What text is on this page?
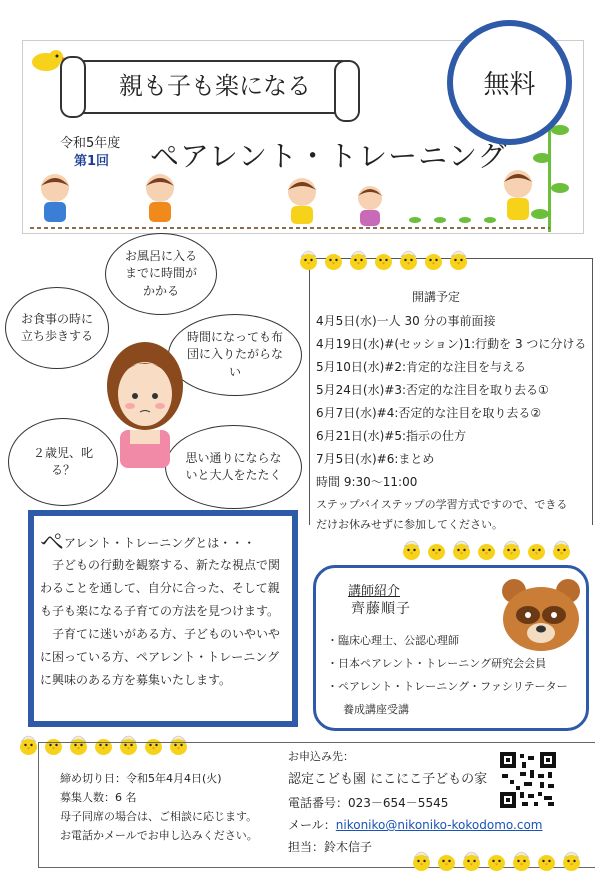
親も子も楽になる
令和5年度
第1回 ペアレント・トレーニング
無料
お風呂に入るまでに時間がかかる
お食事の時に立ち歩きする	時間になっても布団に入りたがらない
２歳児、叱る？
思い通りにならないと大人をたたく
開講予定
4月5日(水)一人 30 分の事前面接
4月19日(水)#(セッション)1:行動を 3 つに分ける
5月10日(水)#2:肯定的な注目を与える
5月24日(水)#3:否定的な注目を取り去る①
6月7日(水)#4:否定的な注目を取り去る②
6月21日(水)#5:指示の仕方
7月5日(水)#6:まとめ
時間 9:30～11:00
ステップバイステップの学習方式ですので、できる
だけお休みせずに参加してください。
ペアレント・トレーニングとは・・・
子どもの行動を観察する、新たな視点で関わることを通して、自分に合った、そして親も子も楽になる子育ての方法を見つけます。
子育てに迷いがある方、子どものいやいやに困っている方、ペアレント・トレーニングに興味のある方を募集いたします。
講師紹介
齊藤順子
・臨床心理士、公認心理師
・日本ペアレント・トレーニング研究会会員
・ペアレント・トレーニング・ファシリテーター
養成講座受講
締め切り日：令和5年4月4日(火)
募集人数：6 名
母子同席の場合は、ご相談に応じます。
お電話かメールでお申し込みください。
お申込み先：
認定こども園 にこにこ子どもの家
電話番号：023－654－5545
メール：nikoniko@nikoniko-kokodomo.com
担当：鈴木信子
